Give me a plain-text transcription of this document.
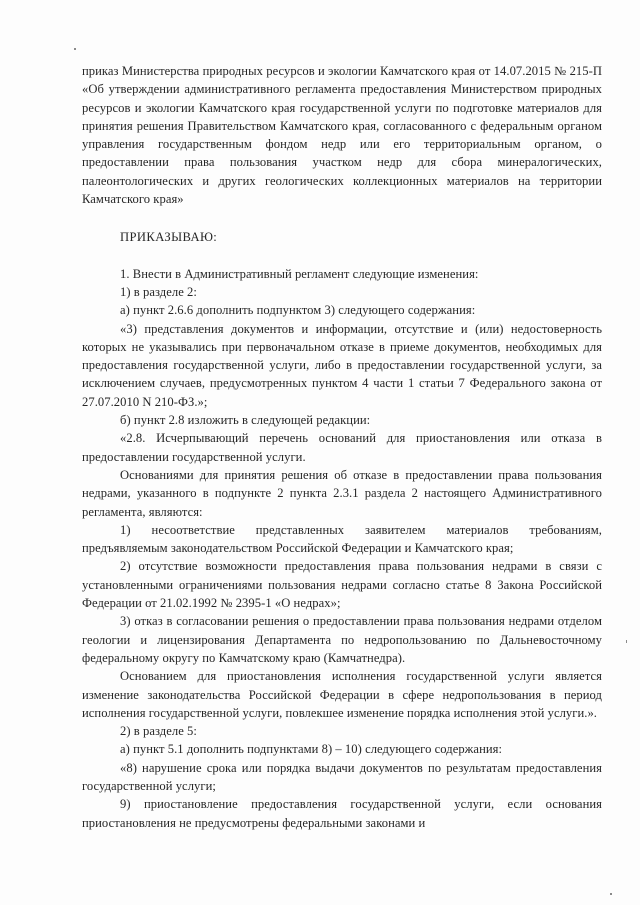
приказ Министерства природных ресурсов и экологии Камчатского края от 14.07.2015 № 215-П «Об утверждении административного регламента предоставления Министерством природных ресурсов и экологии Камчатского края государственной услуги по подготовке материалов для принятия решения Правительством Камчатского края, согласованного с федеральным органом управления государственным фондом недр или его территориальным органом, о предоставлении права пользования участком недр для сбора минералогических, палеонтологических и других геологических коллекционных материалов на территории Камчатского края»

ПРИКАЗЫВАЮ:

1. Внести в Административный регламент следующие изменения:

1) в разделе 2:

а) пункт 2.6.6 дополнить подпунктом 3) следующего содержания:

«3) представления документов и информации, отсутствие и (или) недостоверность которых не указывались при первоначальном отказе в приеме документов, необходимых для предоставления государственной услуги, либо в предоставлении государственной услуги, за исключением случаев, предусмотренных пунктом 4 части 1 статьи 7 Федерального закона от 27.07.2010 N 210-ФЗ.»;

б) пункт 2.8 изложить в следующей редакции:

«2.8. Исчерпывающий перечень оснований для приостановления или отказа в предоставлении государственной услуги.

Основаниями для принятия решения об отказе в предоставлении права пользования недрами, указанного в подпункте 2 пункта 2.3.1 раздела 2 настоящего Административного регламента, являются:

1) несоответствие представленных заявителем материалов требованиям, предъявляемым законодательством Российской Федерации и Камчатского края;

2) отсутствие возможности предоставления права пользования недрами в связи с установленными ограничениями пользования недрами согласно статье 8 Закона Российской Федерации от 21.02.1992 № 2395-1 «О недрах»;

3) отказ в согласовании решения о предоставлении права пользования недрами отделом геологии и лицензирования Департамента по недропользованию по Дальневосточному федеральному округу по Камчатскому краю (Камчатнедра).

Основанием для приостановления исполнения государственной услуги является изменение законодательства Российской Федерации в сфере недропользования в период исполнения государственной услуги, повлекшее изменение порядка исполнения этой услуги.».

2) в разделе 5:

а) пункт 5.1 дополнить подпунктами 8) – 10) следующего содержания:

«8) нарушение срока или порядка выдачи документов по результатам предоставления государственной услуги;

9) приостановление предоставления государственной услуги, если основания приостановления не предусмотрены федеральными законами и
